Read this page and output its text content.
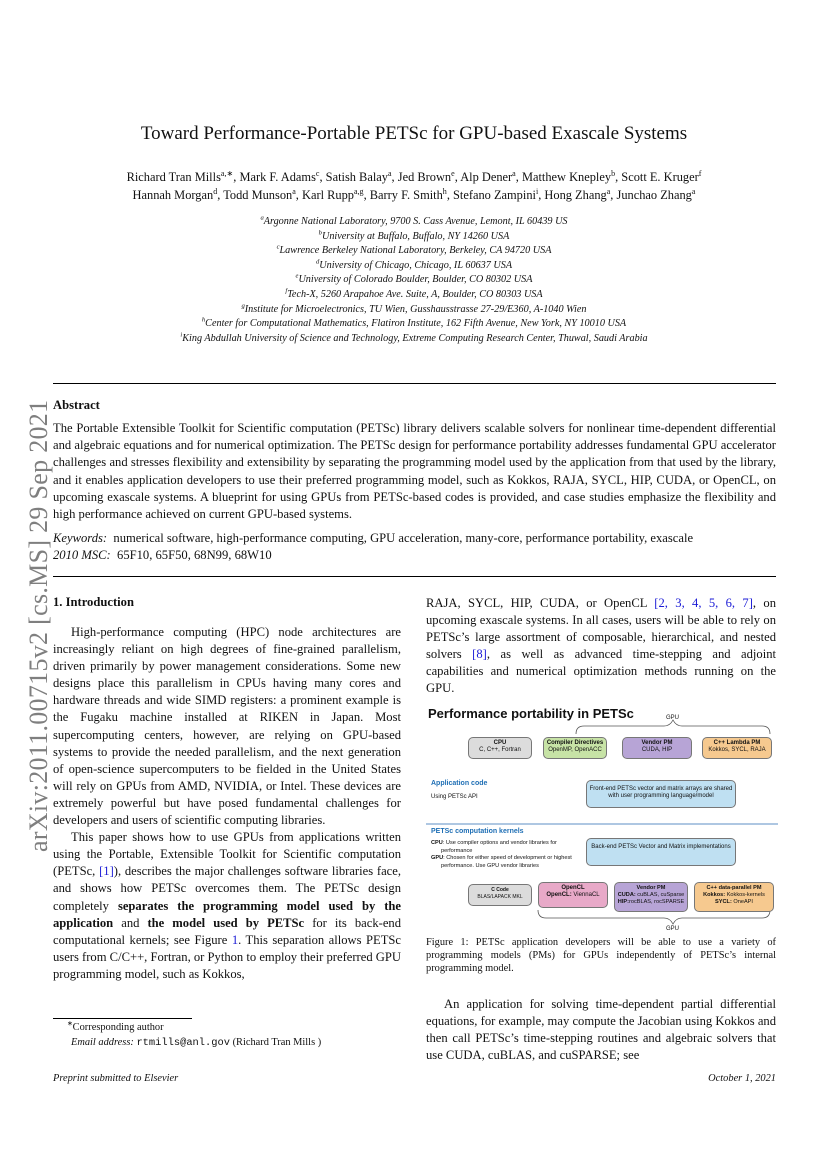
Toward Performance-Portable PETSc for GPU-based Exascale Systems
Richard Tran Mills$^{a,∗}$, Mark F. Adams$^c$, Satish Balay$^a$, Jed Brown$^e$, Alp Dener$^a$, Matthew Knepley$^b$, Scott E. Kruger$^f$
Hannah Morgan$^d$, Todd Munson$^a$, Karl Rupp$^{a,g}$, Barry F. Smith$^h$, Stefano Zampini$^i$, Hong Zhang$^a$, Junchao Zhang$^a$
$^a$Argonne National Laboratory, 9700 S. Cass Avenue, Lemont, IL 60439 US
$^b$University at Buffalo, Buffalo, NY 14260 USA
$^c$Lawrence Berkeley National Laboratory, Berkeley, CA 94720 USA
$^d$University of Chicago, Chicago, IL 60637 USA
$^e$University of Colorado Boulder, Boulder, CO 80302 USA
$^f$Tech-X, 5260 Arapahoe Ave. Suite, A, Boulder, CO 80303 USA
$^g$Institute for Microelectronics, TU Wien, Gusshausstrasse 27-29/E360, A-1040 Wien
$^h$Center for Computational Mathematics, Flatiron Institute, 162 Fifth Avenue, New York, NY 10010 USA
$^i$King Abdullah University of Science and Technology, Extreme Computing Research Center, Thuwal, Saudi Arabia
arXiv:2011.00715v2 [cs.MS] 29 Sep 2021 Abstract
The Portable Extensible Toolkit for Scientific computation (PETSc) library delivers scalable solvers for nonlinear time-dependent differential and algebraic equations and for numerical optimization. The PETSc design for performance portability addresses fundamental GPU accelerator challenges and stresses flexibility and extensibility by separating the programming model used by the application from that used by the library, and it enables application developers to use their preferred programming model, such as Kokkos, RAJA, SYCL, HIP, CUDA, or OpenCL, on upcoming exascale systems. A blueprint for using GPUs from PETSc-based codes is provided, and case studies emphasize the flexibility and high performance achieved on current GPU-based systems.
Keywords: numerical software, high-performance computing, GPU acceleration, many-core, performance portability, exascale
2010 MSC: 65F10, 65F50, 68N99, 68W10
1. Introduction
High-performance computing (HPC) node architectures are increasingly reliant on high degrees of fine-grained parallelism, driven primarily by power management considerations. Some new designs place this parallelism in CPUs having many cores and hardware threads and wide SIMD registers: a prominent example is the Fugaku machine installed at RIKEN in Japan. Most supercomputing centers, however, are relying on GPU-based systems to provide the needed parallelism, and the next generation of open-science supercomputers to be fielded in the United States will rely on GPUs from AMD, NVIDIA, or Intel. These devices are extremely powerful but have posed fundamental challenges for developers and users of scientific computing libraries.
This paper shows how to use GPUs from applications written using the Portable, Extensible Toolkit for Scientific computation (PETSc, [1]), describes the major challenges software libraries face, and shows how PETSc overcomes them. The PETSc design completely separates the programming model used by the application and the model used by PETSc for its back-end computational kernels; see Figure 1. This separation allows PETSc users from C/C++, Fortran, or Python to employ their preferred GPU programming model, such as Kokkos,
∗Corresponding author
Email address: rtmills@anl.gov (Richard Tran Mills )
RAJA, SYCL, HIP, CUDA, or OpenCL [2, 3, 4, 5, 6, 7], on upcoming exascale systems. In all cases, users will be able to rely on PETSc’s large assortment of composable, hierarchical, and nested solvers [8], as well as advanced time-stepping and adjoint capabilities and numerical optimization methods running on the GPU.
Performance portability in PETSc	GPU
CPU
C, C++, Fortran
Compiler Directives
OpenMP, OpenACC
Vendor PM
CUDA, HIP
C++ Lambda PM
Kokkos, SYCL, RAJA
Application code
Using PETSc API
Front-end PETSc vector and matrix arrays are shared with user programming language/model
PETSc computation kernels
CPU: Use compiler options and vendor libraries for performance
GPU: Chosen for either speed of development or highest performance. Use GPU vendor libraries
Back-end PETSc Vector and Matrix implementations
C Code
BLAS/LAPACK MKL
OpenCL
OpenCL: ViennaCL
Vendor PM
CUDA: cuBLAS, cuSparse
HIP:rocBLAS, rocSPARSE
C++ data-parallel PM
Kokkos: Kokkos-kernels
SYCL: OneAPI
GPU
Figure 1: PETSc application developers will be able to use a variety of programming models (PMs) for GPUs independently of PETSc’s internal programming model.
An application for solving time-dependent partial differential equations, for example, may compute the Jacobian using Kokkos and then call PETSc’s time-stepping routines and algebraic solvers that use CUDA, cuBLAS, and cuSPARSE; see
Preprint submitted to Elsevier	October 1, 2021
